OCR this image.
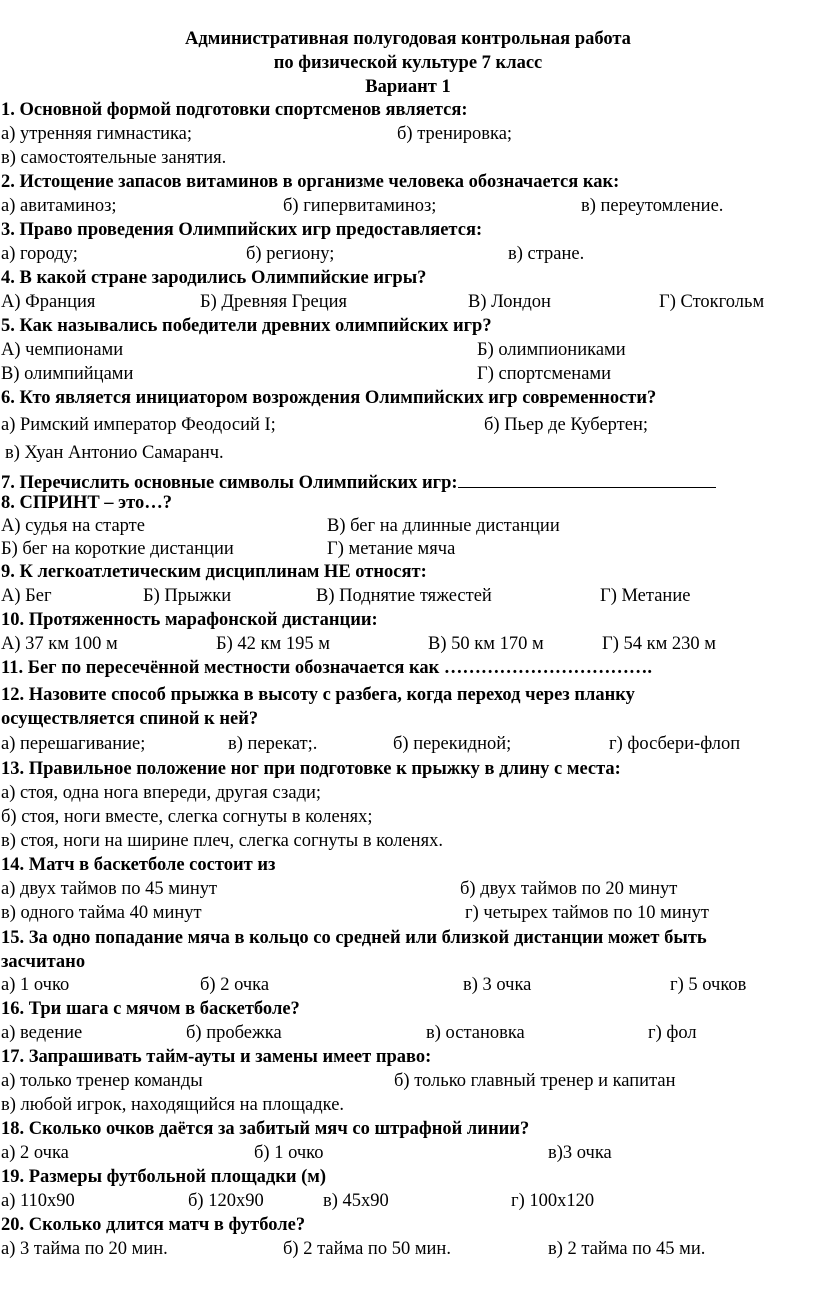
Административная полугодовая контрольная работа
по физической культуре 7 класс
Вариант 1
1. Основной формой подготовки спортсменов является:
а) утренняя гимнастика;	б) тренировка;
в) самостоятельные занятия.
2. Истощение запасов витаминов в организме человека обозначается как:
а) авитаминоз;	б) гипервитаминоз;	в) переутомление.
3. Право проведения Олимпийских игр предоставляется:
а) городу;	б) региону;	в) стране.
4. В какой стране зародились Олимпийские игры?
А) Франция	Б) Древняя Греция	В) Лондон	Г) Стокгольм
5. Как назывались победители древних олимпийских игр?
А) чемпионами	Б) олимпиониками
В) олимпийцами	Г) спортсменами
6. Кто является инициатором возрождения Олимпийских игр современности?
а) Римский император Феодосий I;	б) Пьер де Кубертен;
в) Хуан Антонио Самаранч.
7. Перечислить основные символы Олимпийских игр:
8. СПРИНТ – это…?
А) судья на старте	В) бег на длинные дистанции
Б) бег на короткие дистанции	Г) метание мяча
9. К легкоатлетическим дисциплинам НЕ относят:
А) Бег	Б) Прыжки	В) Поднятие тяжестей	Г) Метание
10. Протяженность марафонской дистанции:
А) 37 км 100 м	Б) 42 км 195 м	В) 50 км 170 м	Г) 54 км 230 м
11. Бег по пересечённой местности обозначается как …………………………….
12. Назовите способ прыжка в высоту с разбега, когда переход через планку
осуществляется спиной к ней?
а) перешагивание;	в) перекат;.	б) перекидной;	г) фосбери-флоп
13. Правильное положение ног при подготовке к прыжку в длину с места:
а) стоя, одна нога впереди, другая сзади;
б) стоя, ноги вместе, слегка согнуты в коленях;
в) стоя, ноги на ширине плеч, слегка согнуты в коленях.
14. Матч в баскетболе состоит из
а) двух таймов по 45 минут	б) двух таймов по 20 минут
в) одного тайма 40 минут	г) четырех таймов по 10 минут
15. За одно попадание мяча в кольцо со средней или близкой дистанции может быть
засчитано
а) 1 очко	б) 2 очка	в) 3 очка	г) 5 очков
16. Три шага с мячом в баскетболе?
а) ведение	б) пробежка	в) остановка	г) фол
17. Запрашивать тайм-ауты и замены имеет право:
а) только тренер команды	б) только главный тренер и капитан
в) любой игрок, находящийся на площадке.
18. Сколько очков даётся за забитый мяч со штрафной линии?
а) 2 очка	б) 1 очко	в)3 очка
19. Размеры футбольной площадки (м)
а) 110х90	б) 120х90	в) 45х90	г) 100х120
20. Сколько длится матч в футболе?
а) 3 тайма по 20 мин.	б) 2 тайма по 50 мин.	в) 2 тайма по 45 ми.
